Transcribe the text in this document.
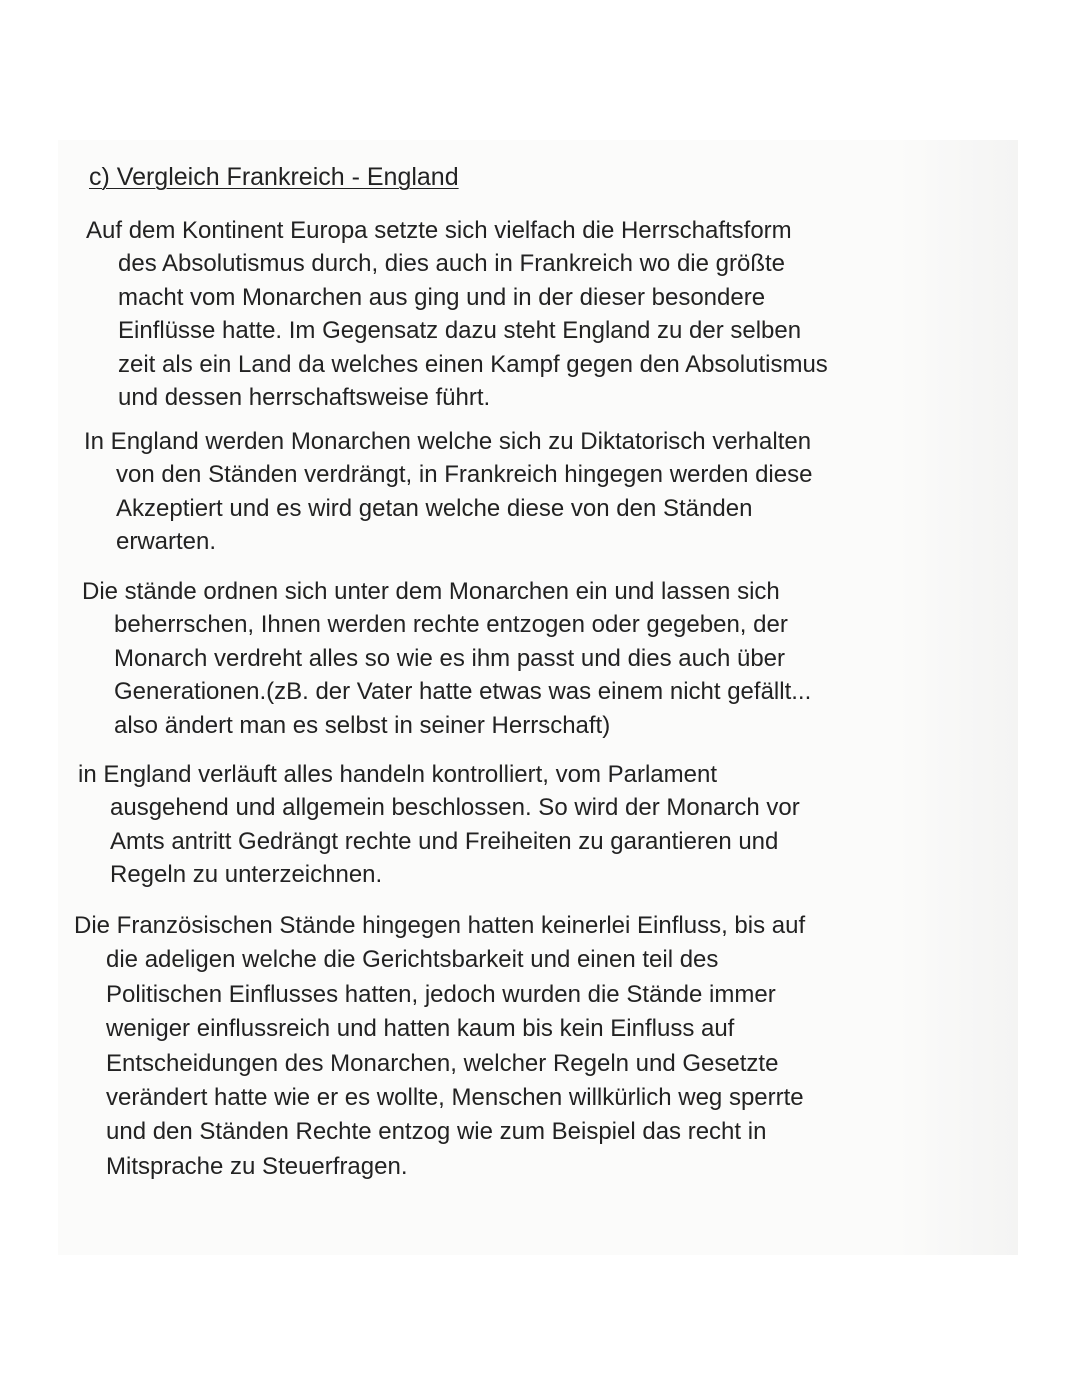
c) Vergleich Frankreich - England

Auf dem Kontinent Europa setzte sich vielfach die Herrschaftsform
des Absolutismus durch, dies auch in Frankreich wo die größte
macht vom Monarchen aus ging und in der dieser besondere
Einflüsse hatte. Im Gegensatz dazu steht England zu der selben
zeit als ein Land da welches einen Kampf gegen den Absolutismus
und dessen herrschaftsweise führt.

In England werden Monarchen welche sich zu Diktatorisch verhalten
von den Ständen verdrängt, in Frankreich hingegen werden diese
Akzeptiert und es wird getan welche diese von den Ständen
erwarten.

Die stände ordnen sich unter dem Monarchen ein und lassen sich
beherrschen, Ihnen werden rechte entzogen oder gegeben, der
Monarch verdreht alles so wie es ihm passt und dies auch über
Generationen.(zB. der Vater hatte etwas was einem nicht gefällt...
also ändert man es selbst in seiner Herrschaft)

in England verläuft alles handeln kontrolliert, vom Parlament
ausgehend und allgemein beschlossen. So wird der Monarch vor
Amts antritt Gedrängt rechte und Freiheiten zu garantieren und
Regeln zu unterzeichnen.

Die Französischen Stände hingegen hatten keinerlei Einfluss, bis auf
die adeligen welche die Gerichtsbarkeit und einen teil des
Politischen Einflusses hatten, jedoch wurden die Stände immer
weniger einflussreich und hatten kaum bis kein Einfluss auf
Entscheidungen des Monarchen, welcher Regeln und Gesetzte
verändert hatte wie er es wollte, Menschen willkürlich weg sperrte
und den Ständen Rechte entzog wie zum Beispiel das recht in
Mitsprache zu Steuerfragen.
